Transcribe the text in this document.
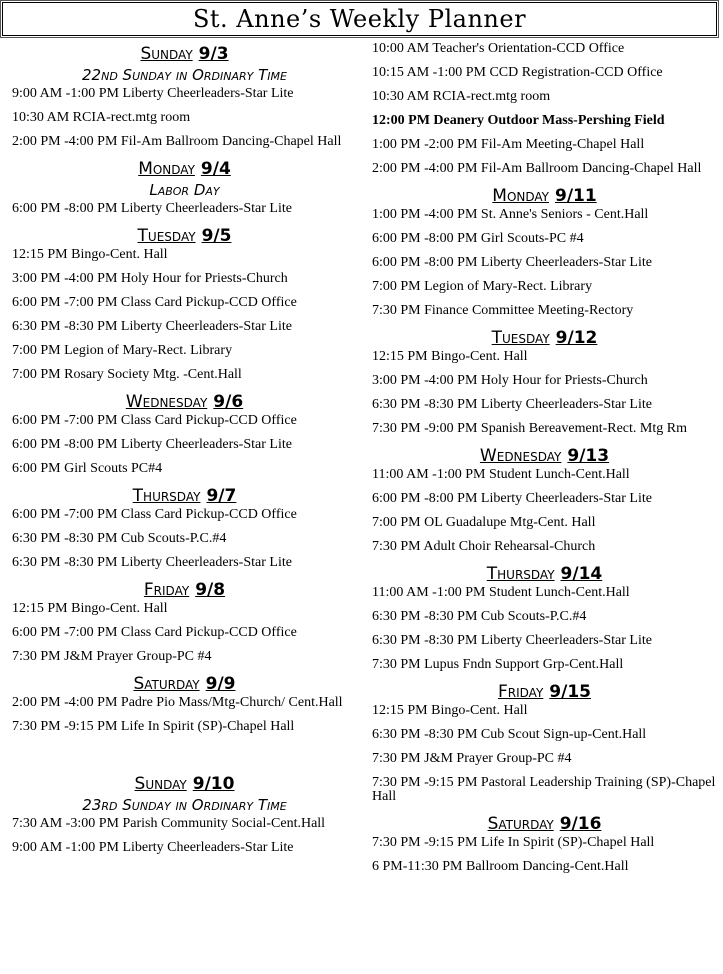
St. Anne’s Weekly Planner
Sunday 9/3
22nd Sunday in Ordinary Time
9:00 AM -1:00 PM Liberty Cheerleaders-Star Lite
10:30 AM RCIA-rect.mtg room
2:00 PM -4:00 PM Fil-Am Ballroom Dancing-Chapel Hall
Monday 9/4
Labor Day
6:00 PM -8:00 PM Liberty Cheerleaders-Star Lite
Tuesday 9/5
12:15 PM Bingo-Cent. Hall
3:00 PM -4:00 PM Holy Hour for Priests-Church
6:00 PM -7:00 PM Class Card Pickup-CCD Office
6:30 PM -8:30 PM Liberty Cheerleaders-Star Lite
7:00 PM Legion of Mary-Rect. Library
7:00 PM Rosary Society Mtg. -Cent.Hall
Wednesday 9/6
6:00 PM -7:00 PM Class Card Pickup-CCD Office
6:00 PM -8:00 PM Liberty Cheerleaders-Star Lite
6:00 PM Girl Scouts PC#4
Thursday 9/7
6:00 PM -7:00 PM Class Card Pickup-CCD Office
6:30 PM -8:30 PM Cub Scouts-P.C.#4
6:30 PM -8:30 PM Liberty Cheerleaders-Star Lite
Friday 9/8
12:15 PM Bingo-Cent. Hall
6:00 PM -7:00 PM Class Card Pickup-CCD Office
7:30 PM J&M Prayer Group-PC #4
Saturday 9/9
2:00 PM -4:00 PM Padre Pio Mass/Mtg-Church/ Cent.Hall
7:30 PM -9:15 PM Life In Spirit (SP)-Chapel Hall
Sunday 9/10
23rd Sunday in Ordinary Time
7:30 AM -3:00 PM Parish Community Social-Cent.Hall
9:00 AM -1:00 PM Liberty Cheerleaders-Star Lite
10:00 AM Teacher's Orientation-CCD Office
10:15 AM -1:00 PM CCD Registration-CCD Office
10:30 AM RCIA-rect.mtg room
12:00 PM Deanery Outdoor Mass-Pershing Field
1:00 PM -2:00 PM Fil-Am Meeting-Chapel Hall
2:00 PM -4:00 PM Fil-Am Ballroom Dancing-Chapel Hall
Monday 9/11
1:00 PM -4:00 PM St. Anne's Seniors - Cent.Hall
6:00 PM -8:00 PM Girl Scouts-PC #4
6:00 PM -8:00 PM Liberty Cheerleaders-Star Lite
7:00 PM Legion of Mary-Rect. Library
7:30 PM Finance Committee Meeting-Rectory
Tuesday 9/12
12:15 PM Bingo-Cent. Hall
3:00 PM -4:00 PM Holy Hour for Priests-Church
6:30 PM -8:30 PM Liberty Cheerleaders-Star Lite
7:30 PM -9:00 PM Spanish Bereavement-Rect. Mtg Rm
Wednesday 9/13
11:00 AM -1:00 PM Student Lunch-Cent.Hall
6:00 PM -8:00 PM Liberty Cheerleaders-Star Lite
7:00 PM OL Guadalupe Mtg-Cent. Hall
7:30 PM Adult Choir Rehearsal-Church
Thursday 9/14
11:00 AM -1:00 PM Student Lunch-Cent.Hall
6:30 PM -8:30 PM Cub Scouts-P.C.#4
6:30 PM -8:30 PM Liberty Cheerleaders-Star Lite
7:30 PM Lupus Fndn Support Grp-Cent.Hall
Friday 9/15
12:15 PM Bingo-Cent. Hall
6:30 PM -8:30 PM Cub Scout Sign-up-Cent.Hall
7:30 PM J&M Prayer Group-PC #4
7:30 PM -9:15 PM Pastoral Leadership Training (SP)-Chapel Hall
Saturday 9/16
7:30 PM -9:15 PM Life In Spirit (SP)-Chapel Hall
6 PM-11:30 PM Ballroom Dancing-Cent.Hall
